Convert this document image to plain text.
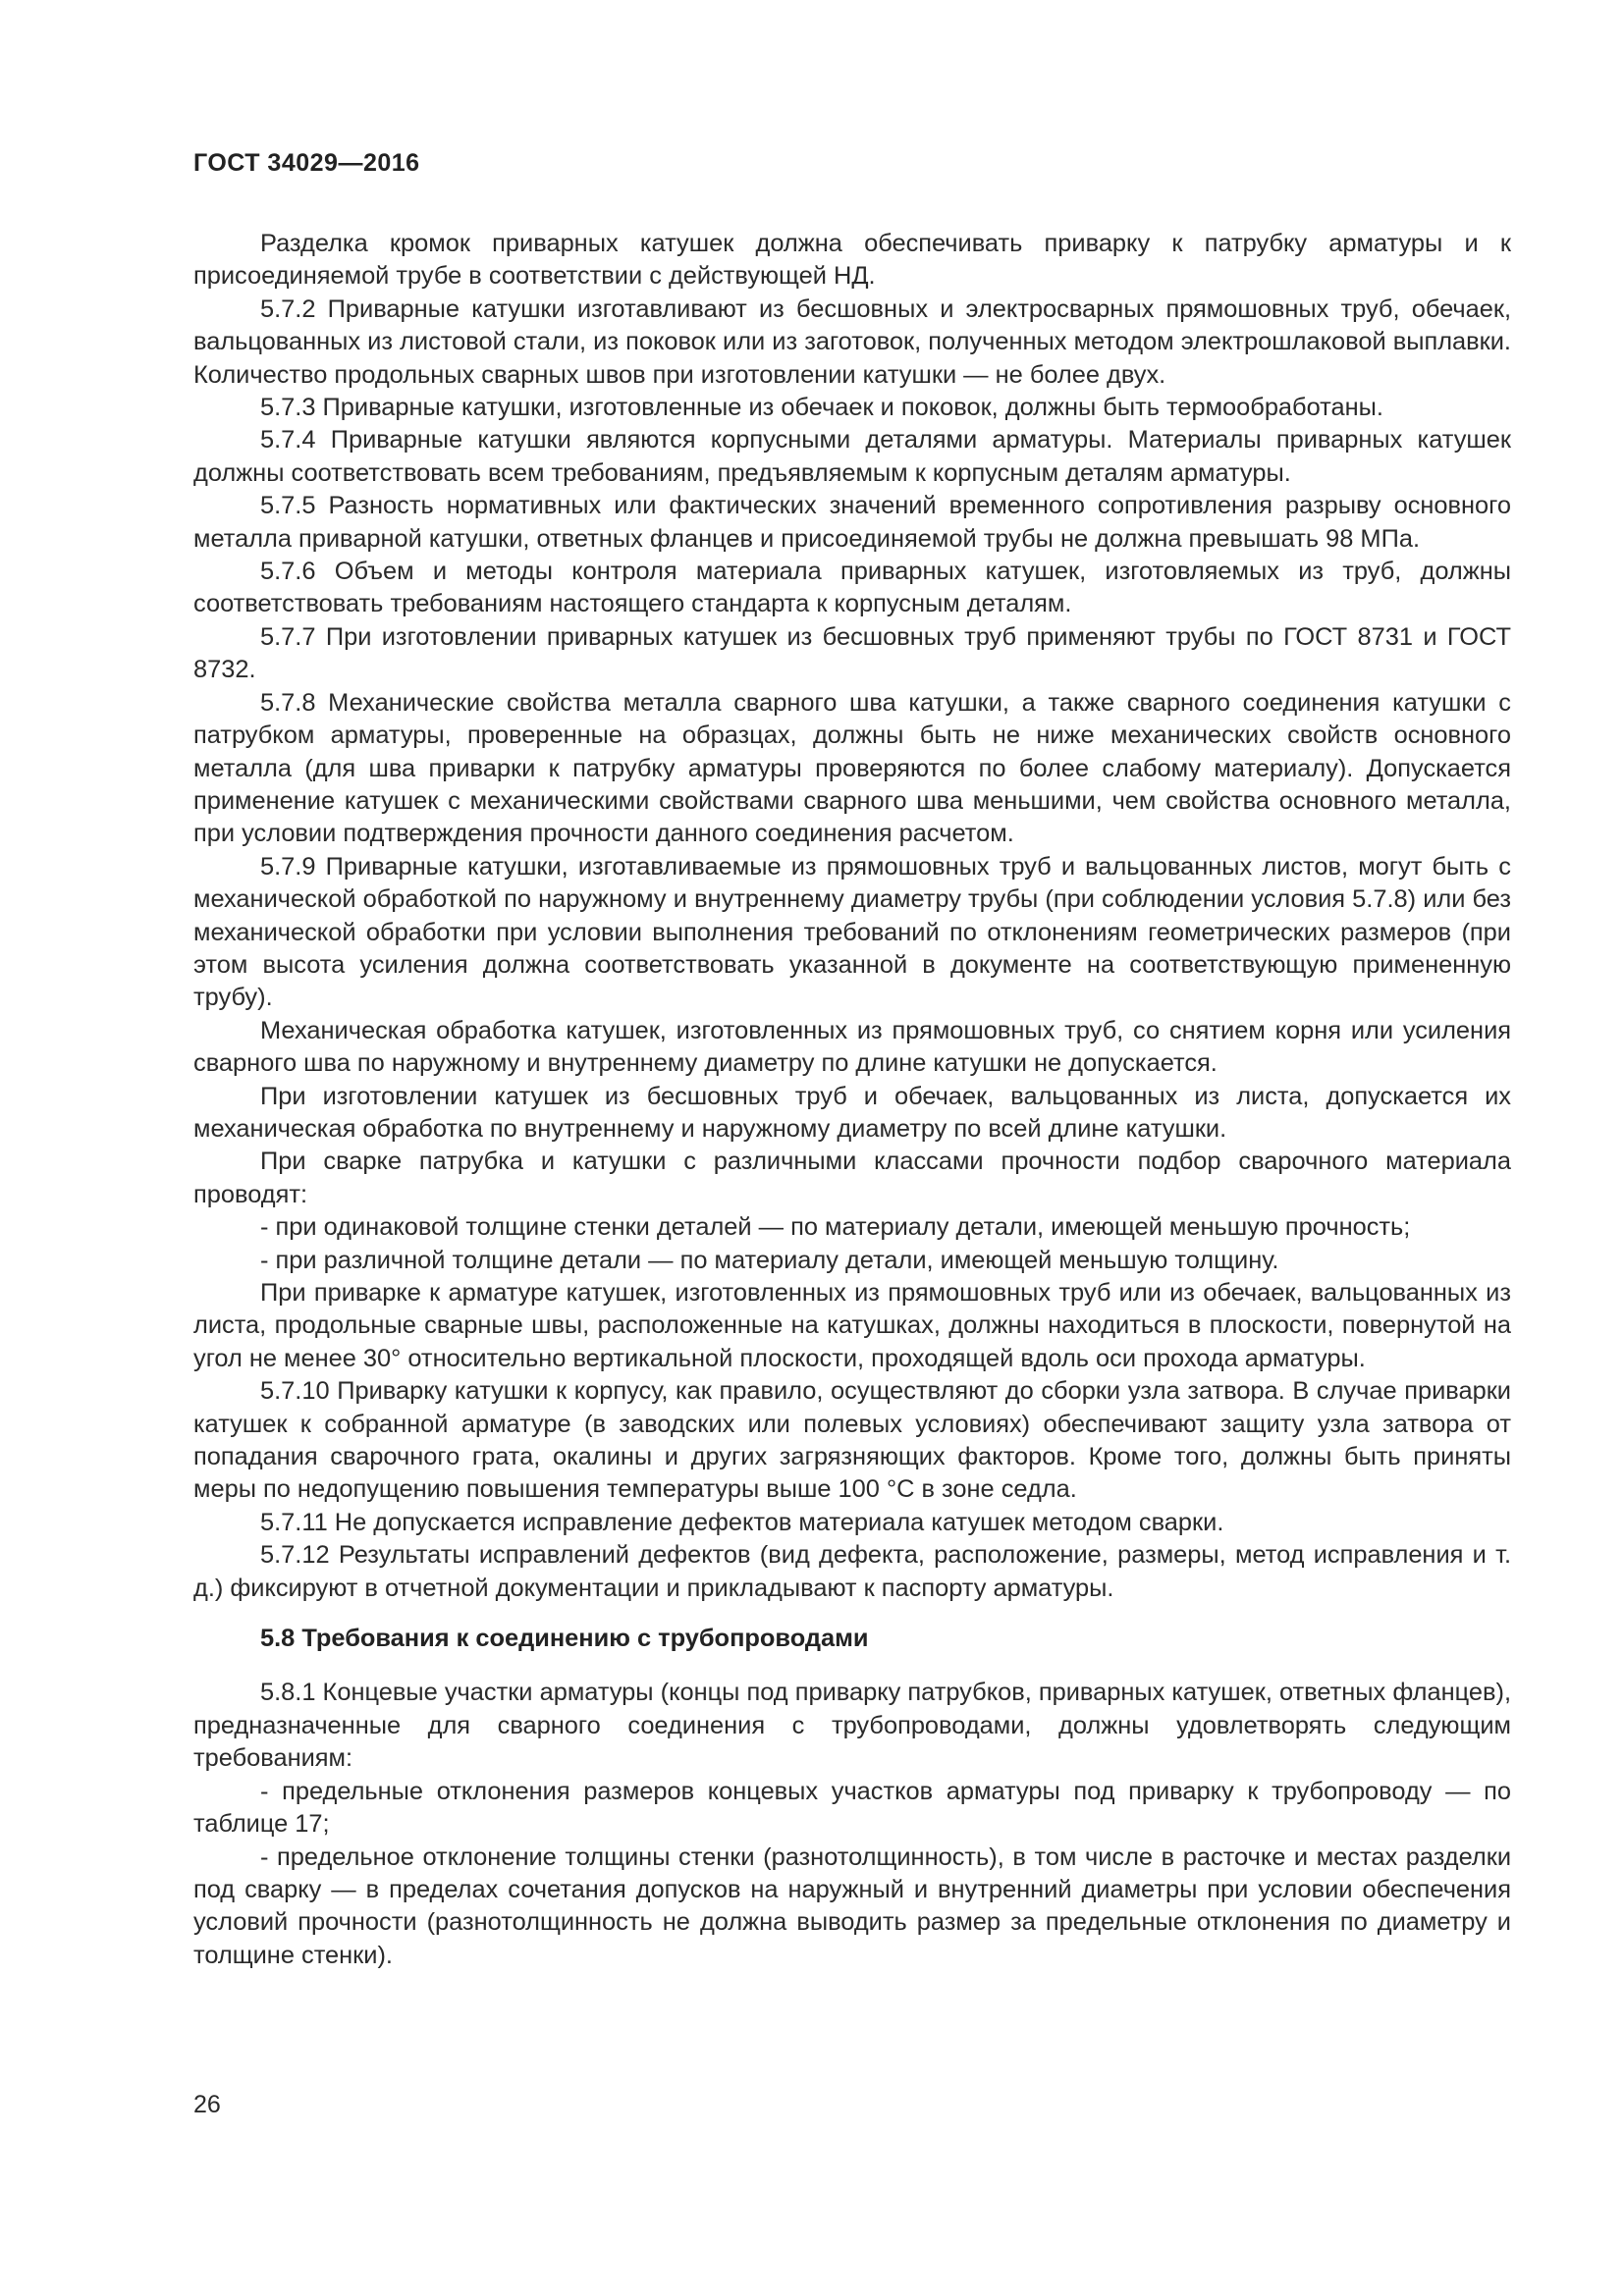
ГОСТ 34029—2016

Разделка кромок приварных катушек должна обеспечивать приварку к патрубку арматуры и к присоединяемой трубе в соответствии с действующей НД.

5.7.2 Приварные катушки изготавливают из бесшовных и электросварных прямошовных труб, обечаек, вальцованных из листовой стали, из поковок или из заготовок, полученных методом электрошлаковой выплавки. Количество продольных сварных швов при изготовлении катушки — не более двух.

5.7.3 Приварные катушки, изготовленные из обечаек и поковок, должны быть термообработаны.

5.7.4 Приварные катушки являются корпусными деталями арматуры. Материалы приварных катушек должны соответствовать всем требованиям, предъявляемым к корпусным деталям арматуры.

5.7.5 Разность нормативных или фактических значений временного сопротивления разрыву основного металла приварной катушки, ответных фланцев и присоединяемой трубы не должна превышать 98 МПа.

5.7.6 Объем и методы контроля материала приварных катушек, изготовляемых из труб, должны соответствовать требованиям настоящего стандарта к корпусным деталям.

5.7.7 При изготовлении приварных катушек из бесшовных труб применяют трубы по ГОСТ 8731 и ГОСТ 8732.

5.7.8 Механические свойства металла сварного шва катушки, а также сварного соединения катушки с патрубком арматуры, проверенные на образцах, должны быть не ниже механических свойств основного металла (для шва приварки к патрубку арматуры проверяются по более слабому материалу). Допускается применение катушек с механическими свойствами сварного шва меньшими, чем свойства основного металла, при условии подтверждения прочности данного соединения расчетом.

5.7.9 Приварные катушки, изготавливаемые из прямошовных труб и вальцованных листов, могут быть с механической обработкой по наружному и внутреннему диаметру трубы (при соблюдении условия 5.7.8) или без механической обработки при условии выполнения требований по отклонениям геометрических размеров (при этом высота усиления должна соответствовать указанной в документе на соответствующую примененную трубу).

Механическая обработка катушек, изготовленных из прямошовных труб, со снятием корня или усиления сварного шва по наружному и внутреннему диаметру по длине катушки не допускается.

При изготовлении катушек из бесшовных труб и обечаек, вальцованных из листа, допускается их механическая обработка по внутреннему и наружному диаметру по всей длине катушки.

При сварке патрубка и катушки с различными классами прочности подбор сварочного материала проводят:

- при одинаковой толщине стенки деталей — по материалу детали, имеющей меньшую прочность;

- при различной толщине детали — по материалу детали, имеющей меньшую толщину.

При приварке к арматуре катушек, изготовленных из прямошовных труб или из обечаек, вальцованных из листа, продольные сварные швы, расположенные на катушках, должны находиться в плоскости, повернутой на угол не менее 30° относительно вертикальной плоскости, проходящей вдоль оси прохода арматуры.

5.7.10 Приварку катушки к корпусу, как правило, осуществляют до сборки узла затвора. В случае приварки катушек к собранной арматуре (в заводских или полевых условиях) обеспечивают защиту узла затвора от попадания сварочного грата, окалины и других загрязняющих факторов. Кроме того, должны быть приняты меры по недопущению повышения температуры выше 100 °С в зоне седла.

5.7.11 Не допускается исправление дефектов материала катушек методом сварки.

5.7.12 Результаты исправлений дефектов (вид дефекта, расположение, размеры, метод исправления и т. д.) фиксируют в отчетной документации и прикладывают к паспорту арматуры.

5.8 Требования к соединению с трубопроводами

5.8.1 Концевые участки арматуры (концы под приварку патрубков, приварных катушек, ответных фланцев), предназначенные для сварного соединения с трубопроводами, должны удовлетворять следующим требованиям:

- предельные отклонения размеров концевых участков арматуры под приварку к трубопроводу — по таблице 17;

- предельное отклонение толщины стенки (разнотолщинность), в том числе в расточке и местах разделки под сварку — в пределах сочетания допусков на наружный и внутренний диаметры при условии обеспечения условий прочности (разнотолщинность не должна выводить размер за предельные отклонения по диаметру и толщине стенки).

26
